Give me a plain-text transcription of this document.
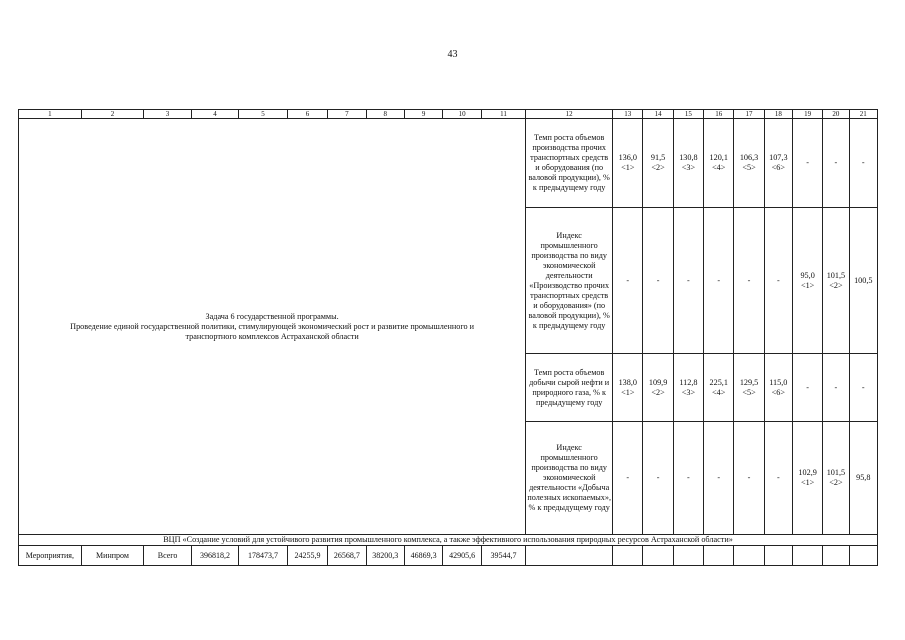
43
1	2	3	4	5	6	7	8	9	10	11	12	13	14	15	16	17	18	19	20	21

Задача 6 государственной программы.
Проведение единой государственной политики, стимулирующей экономический рост и развитие промышленного и
транспортного комплексов Астраханской области											Темп роста объемов производства прочих транспортных средств и оборудования (по валовой продукции), % к предыдущему году	136,0 <1>	91,5 <2>	130,8 <3>	120,1 <4>	106,3 <5>	107,3 <6>	-	-	-
											Индекс промышленного производства по виду экономической деятельности «Производство прочих транспортных средств и оборудования» (по валовой продукции), % к предыдущему году	-	-	-	-	-	-	95,0 <1>	101,5 <2>	100,5
											Темп роста объемов добычи сырой нефти и природного газа, % к предыдущему году	138,0 <1>	109,9 <2>	112,8 <3>	225,1 <4>	129,5 <5>	115,0 <6>	-	-	-
											Индекс промышленного производства по виду экономической деятельности «Добыча полезных ископаемых», % к предыдущему году	-	-	-	-	-	-	102,9 <1>	101,5 <2>	95,8
ВЦП «Создание условий для устойчивого развития промышленного комплекса, а также эффективного использования природных ресурсов Астраханской области»																				
Мероприятия,	Минпром	Всего	396818,2	178473,7	24255,9	26568,7	38200,3	46869,3	42905,6	39544,7										
